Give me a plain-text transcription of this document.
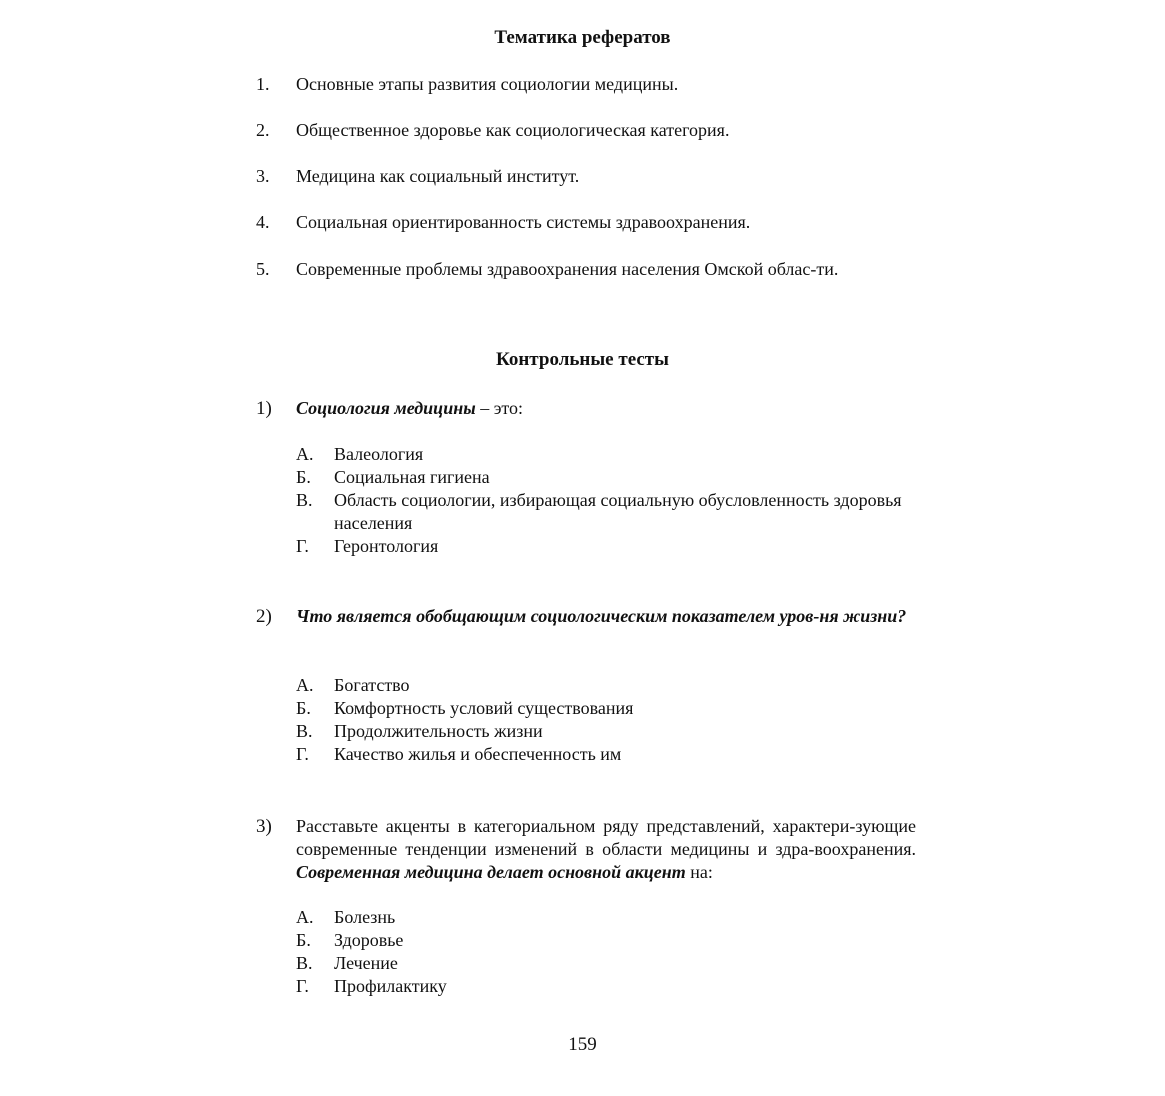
Тематика рефератов
1. Основные этапы развития социологии медицины.
2. Общественное здоровье как социологическая категория.
3. Медицина как социальный институт.
4. Социальная ориентированность системы здравоохранения.
5. Современные проблемы здравоохранения населения Омской облас-ти.
Контрольные тесты
1) Социология медицины – это:
А. Валеология
Б. Социальная гигиена
В. Область социологии, избирающая социальную обусловленность здоровья населения
Г. Геронтология
2) Что является обобщающим социологическим показателем уров-ня жизни?
А. Богатство
Б. Комфортность условий существования
В. Продолжительность жизни
Г. Качество жилья и обеспеченность им
3) Расставьте акценты в категориальном ряду представлений, характери-зующие современные тенденции изменений в области медицины и здра-воохранения. Современная медицина делает основной акцент на:
А. Болезнь
Б. Здоровье
В. Лечение
Г. Профилактику
159
